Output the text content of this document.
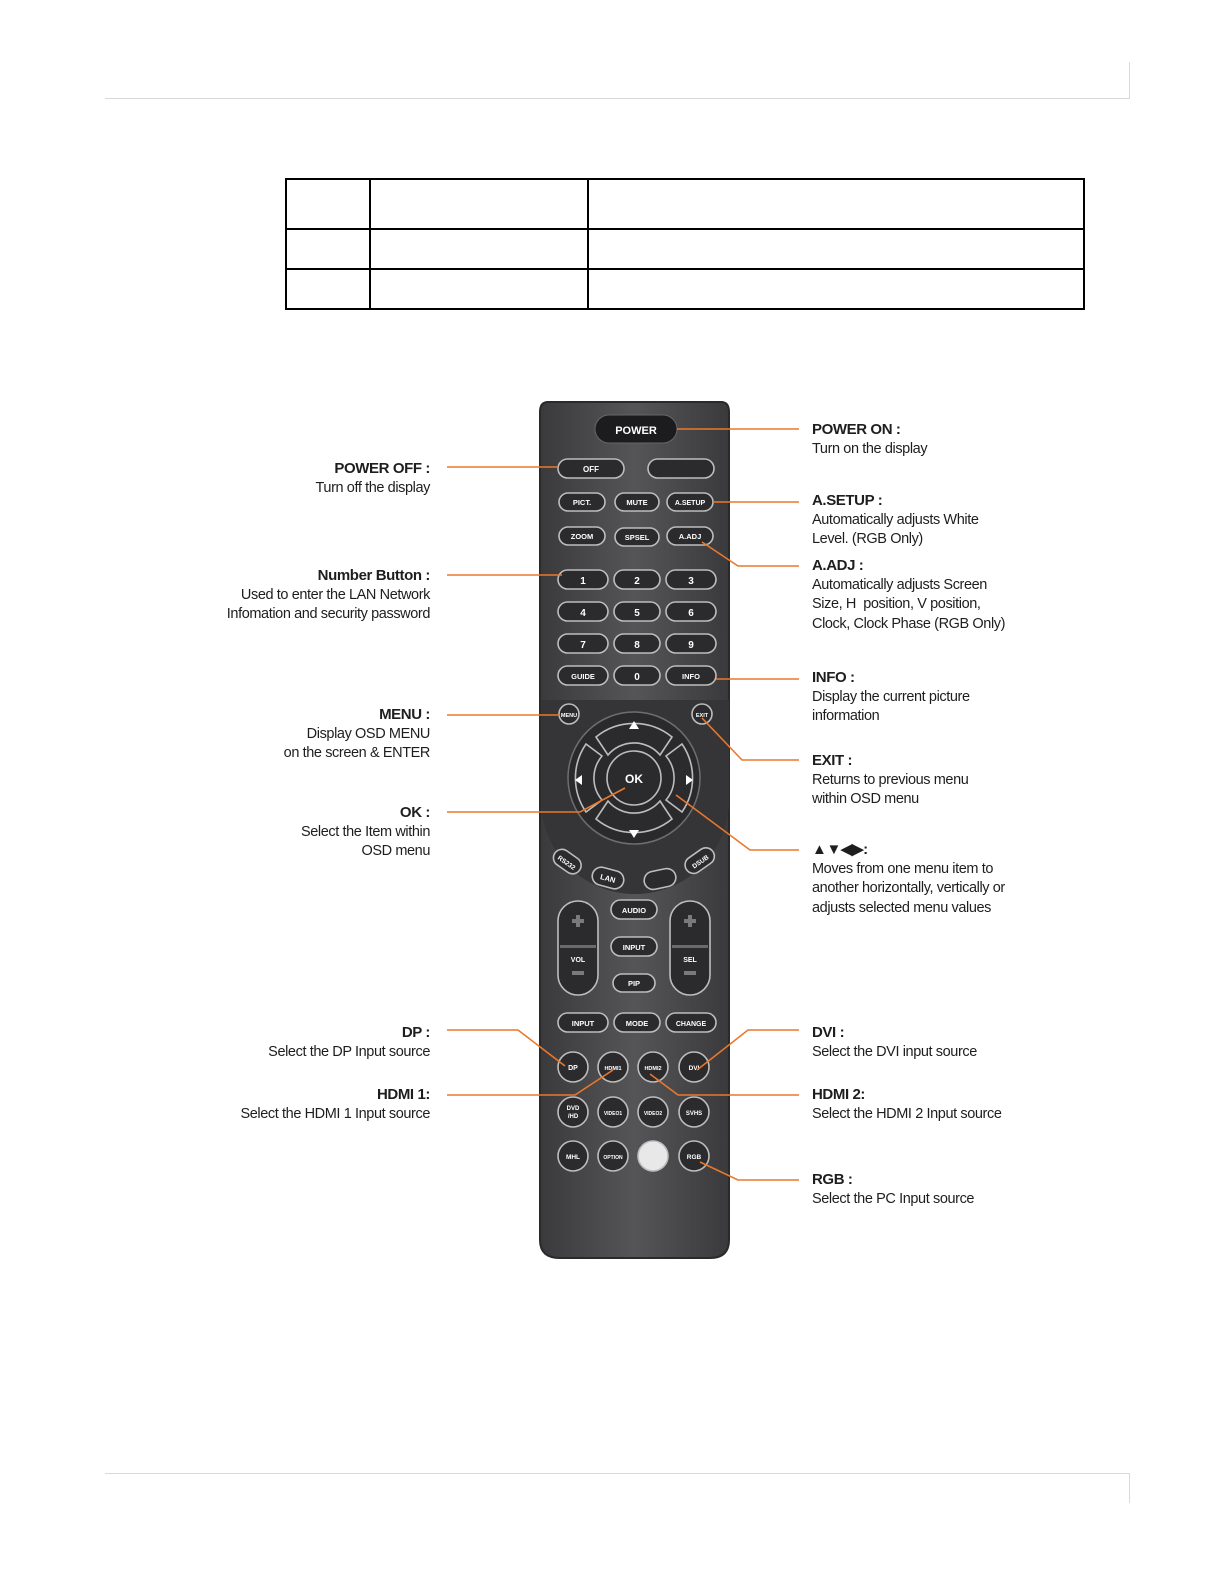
POWER
OFF
PICT.	MUTE	A.SETUP
ZOOM	SPSEL	A.ADJ
1	2	3
4	5	6
7	8	9
GUIDE	0	INFO
MENU	EXIT
OK
RS232
LAN
DSUB
VOL	SEL
AUDIO
INPUT
PIP
INPUT	MODE	CHANGE
DP	HDMI1	HDMI2	DVI
DVD
/HD	VIDEO1	VIDEO2	SVHS
MHL	OPTION	RGB
POWER OFF :
Turn off the display
Number Button :
Used to enter the LAN Network
Infomation and security password
MENU :
Display OSD MENU
on the screen & ENTER
OK :
Select the Item within
OSD menu
DP :
Select the DP Input source
HDMI 1:
Select the HDMI 1 Input source
POWER ON :
Turn on the display
A.SETUP :
Automatically adjusts White
Level. (RGB Only)
A.ADJ :
Automatically adjusts Screen
Size, H  position, V position,
Clock, Clock Phase (RGB Only)
INFO :
Display the current picture
information
EXIT :
Returns to previous menu
within OSD menu
▲▼◀▶:
Moves from one menu item to
another horizontally, vertically or
adjusts selected menu values
DVI :
Select the DVI input source
HDMI 2:
Select the HDMI 2 Input source
RGB :
Select the PC Input source
